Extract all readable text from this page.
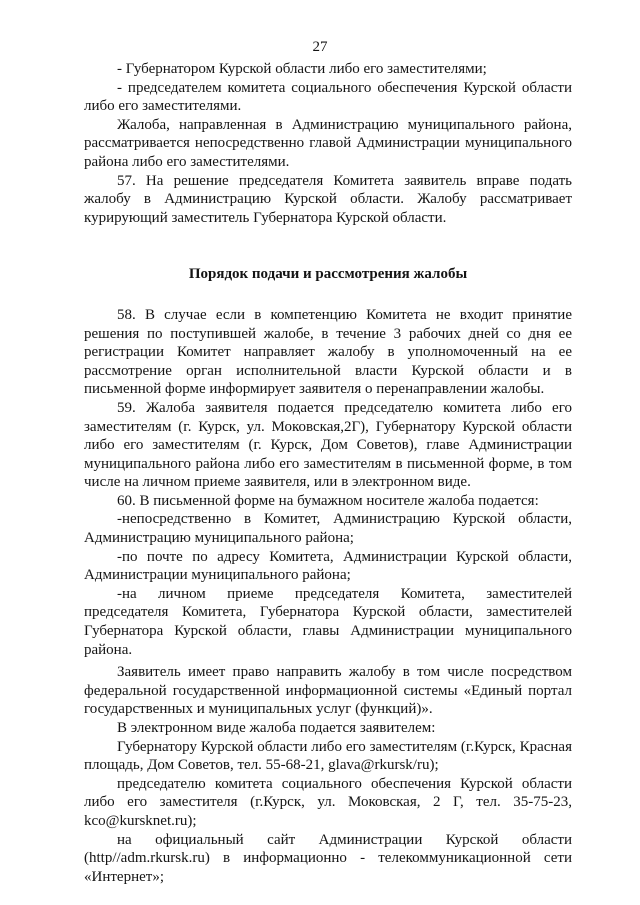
27

- Губернатором Курской области либо его заместителями;

- председателем комитета социального обеспечения Курской области либо его заместителями.

Жалоба, направленная в Администрацию муниципального района, рассматривается непосредственно главой Администрации муниципального района либо его заместителями.

57. На решение председателя Комитета заявитель вправе подать жалобу в Администрацию Курской области. Жалобу рассматривает курирующий заместитель Губернатора Курской области.

Порядок подачи и рассмотрения жалобы

58. В случае если в компетенцию Комитета не входит принятие решения по поступившей жалобе, в течение 3 рабочих дней со дня ее регистрации Комитет направляет жалобу в уполномоченный на ее рассмотрение орган исполнительной власти Курской области и в письменной форме информирует заявителя о перенаправлении жалобы.

59. Жалоба заявителя подается председателю комитета либо его заместителям (г. Курск, ул. Моковская,2Г), Губернатору Курской области либо его заместителям (г. Курск, Дом Советов), главе Администрации муниципального района либо его заместителям в письменной форме, в том числе на личном приеме заявителя, или в электронном виде.

60. В письменной форме на бумажном носителе жалоба подается:

-непосредственно в Комитет, Администрацию Курской области, Администрацию муниципального района;

-по почте по адресу Комитета, Администрации Курской области, Администрации муниципального района;

-на личном приеме председателя Комитета, заместителей председателя Комитета, Губернатора Курской области, заместителей Губернатора Курской области, главы Администрации муниципального района.

Заявитель имеет право направить жалобу в том числе посредством федеральной государственной информационной системы «Единый портал государственных и муниципальных услуг (функций)».

В электронном виде жалоба подается заявителем:

Губернатору Курской области либо его заместителям (г.Курск, Красная площадь, Дом Советов, тел. 55-68-21, glava@rkursk/ru);

председателю комитета социального обеспечения Курской области либо его заместителя (г.Курск, ул. Моковская, 2 Г, тел. 35-75-23, kco@kursknet.ru);

на официальный сайт Администрации Курской области (http//adm.rkursk.ru) в информационно - телекоммуникационной сети «Интернет»;
